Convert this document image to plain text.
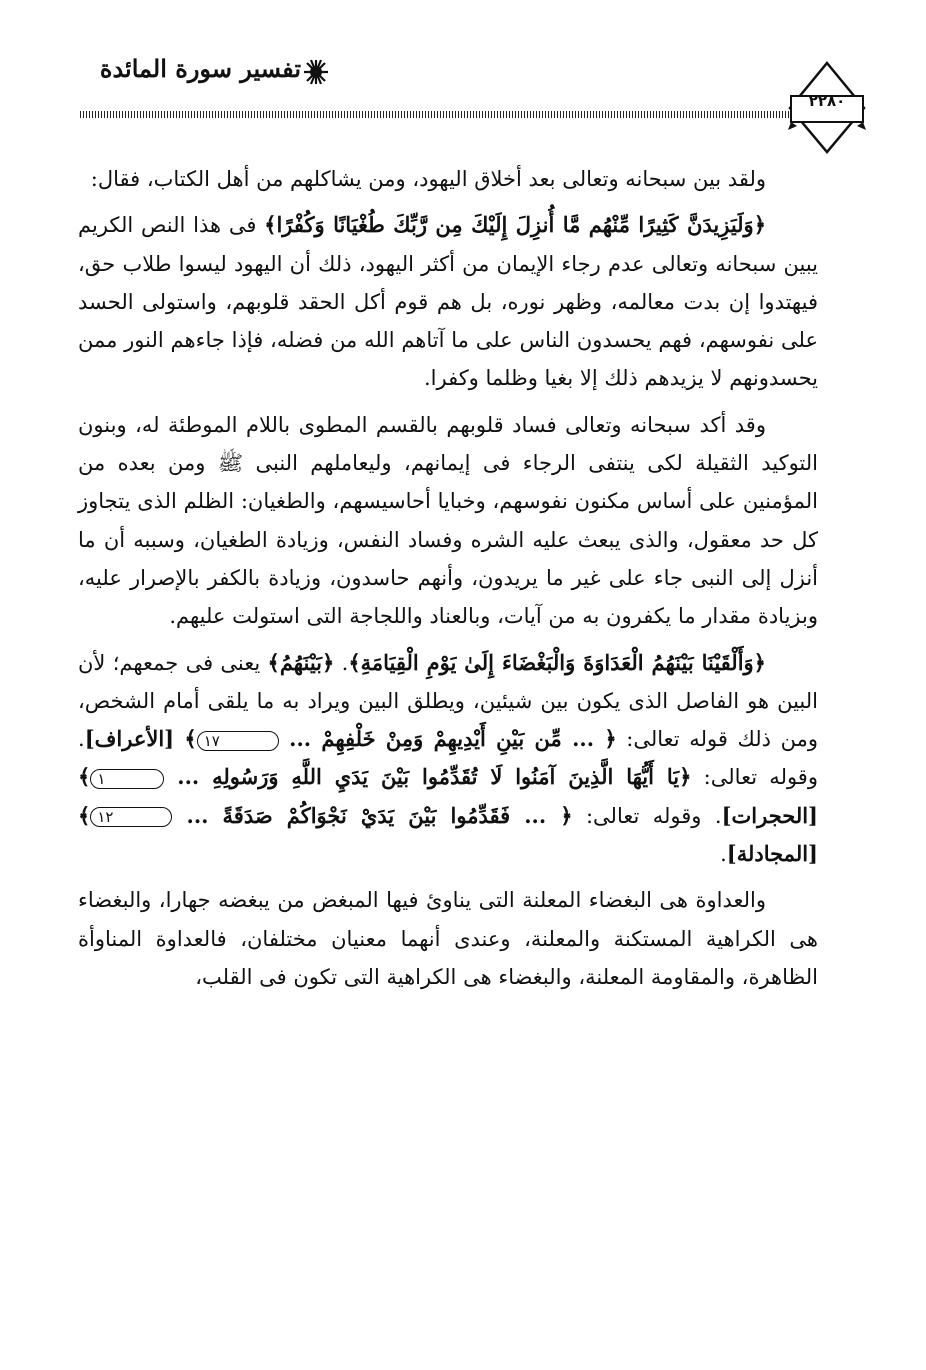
تفسير سورة المائدة
٢٢٨٠

ولقد بين سبحانه وتعالى بعد أخلاق اليهود، ومن يشاكلهم من أهل الكتاب، فقال:

﴿وَلَيَزِيدَنَّ كَثِيرًا مِّنْهُم مَّا أُنزِلَ إِلَيْكَ مِن رَّبِّكَ طُغْيَانًا وَكُفْرًا﴾ فى هذا النص الكريم يبين سبحانه وتعالى عدم رجاء الإيمان من أكثر اليهود، ذلك أن اليهود ليسوا طلاب حق، فيهتدوا إن بدت معالمه، وظهر نوره، بل هم قوم أكل الحقد قلوبهم، واستولى الحسد على نفوسهم، فهم يحسدون الناس على ما آتاهم الله من فضله، فإذا جاءهم النور ممن يحسدونهم لا يزيدهم ذلك إلا بغيا وظلما وكفرا.

وقد أكد سبحانه وتعالى فساد قلوبهم بالقسم المطوى باللام الموطئة له، وبنون التوكيد الثقيلة لكى ينتفى الرجاء فى إيمانهم، وليعاملهم النبى ﷺ ومن بعده من المؤمنين على أساس مكنون نفوسهم، وخبايا أحاسيسهم، والطغيان: الظلم الذى يتجاوز كل حد معقول، والذى يبعث عليه الشره وفساد النفس، وزيادة الطغيان، وسببه أن ما أنزل إلى النبى جاء على غير ما يريدون، وأنهم حاسدون، وزيادة بالكفر بالإصرار عليه، وبزيادة مقدار ما يكفرون به من آيات، وبالعناد واللجاجة التى استولت عليهم.

﴿وَأَلْقَيْنَا بَيْنَهُمُ الْعَدَاوَةَ وَالْبَغْضَاءَ إِلَىٰ يَوْمِ الْقِيَامَةِ﴾. ﴿بَيْنَهُمُ﴾ يعنى فى جمعهم؛ لأن البين هو الفاصل الذى يكون بين شيئين، ويطلق البين ويراد به ما يلقى أمام الشخص، ومن ذلك قوله تعالى: ﴿ ... مِّن بَيْنِ أَيْدِيهِمْ وَمِنْ خَلْفِهِمْ ... ١٧﴾ [الأعراف]. وقوله تعالى: ﴿يَا أَيُّهَا الَّذِينَ آمَنُوا لَا تُقَدِّمُوا بَيْنَ يَدَيِ اللَّهِ وَرَسُولِهِ ... ١﴾ [الحجرات]. وقوله تعالى: ﴿ ... فَقَدِّمُوا بَيْنَ يَدَيْ نَجْوَاكُمْ صَدَقَةً ... ١٢﴾ [المجادلة].

والعداوة هى البغضاء المعلنة التى يناوئ فيها المبغض من يبغضه جهارا، والبغضاء هى الكراهية المستكنة والمعلنة، وعندى أنهما معنيان مختلفان، فالعداوة المناوأة الظاهرة، والمقاومة المعلنة، والبغضاء هى الكراهية التى تكون فى القلب،
